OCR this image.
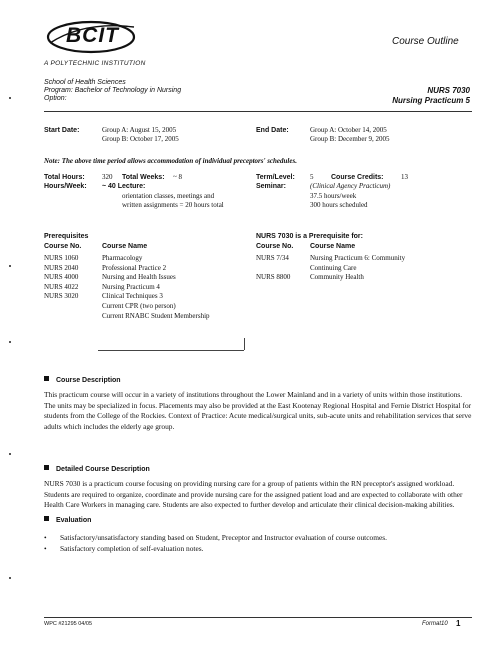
BCIT
A POLYTECHNIC INSTITUTION
Course Outline
School of Health Sciences
Program: Bachelor of Technology in Nursing
Option:
NURS 7030
Nursing Practicum 5
Start Date:	Group A: August 15, 2005
Group B: October 17, 2005
End Date:	Group A: October 14, 2005
Group B: December 9, 2005
Note: The above time period allows accommodation of individual preceptors' schedules.
Total Hours: 320 Total Weeks: ~ 8	Term/Level: 5	Course Credits: 13
Hours/Week: ~ 40 Lecture:
orientation classes, meetings and
written assignments = 20 hours total
Seminar:	(Clinical Agency Practicum)
37.5 hours/week
300 hours scheduled
Prerequisites
Course No.	Course Name
NURS 1060	Pharmacology
NURS 2040	Professional Practice 2
NURS 4000	Nursing and Health Issues
NURS 4022	Nursing Practicum 4
NURS 3020	Clinical Techniques 3
Current CPR (two person)
Current RNABC Student Membership
NURS 7030 is a Prerequisite for:
Course No. Course Name
NURS 7/34	Nursing Practicum 6: Community
Continuing Care
NURS 8800	Community Health
Course Description
This practicum course will occur in a variety of institutions throughout the Lower Mainland and in a variety of units within those institutions. The units may be specialized in focus. Placements may also be provided at the East Kootenay Regional Hospital and Fernie District Hospital for students from the College of the Rockies. Context of Practice: Acute medical/surgical units, sub-acute units and rehabilitation services that serve adults which includes the elderly age group.
Detailed Course Description
NURS 7030 is a practicum course focusing on providing nursing care for a group of patients within the RN preceptor's assigned workload. Students are required to organize, coordinate and provide nursing care for the assigned patient load and are expected to collaborate with other Health Care Workers in managing care. Students are also expected to further develop and articulate their clinical decision-making abilities.
Evaluation
• Satisfactory/unsatisfactory standing based on Student, Preceptor and Instructor evaluation of course outcomes.
• Satisfactory completion of self-evaluation notes.
WPC #21295 04/05	Format10 1
